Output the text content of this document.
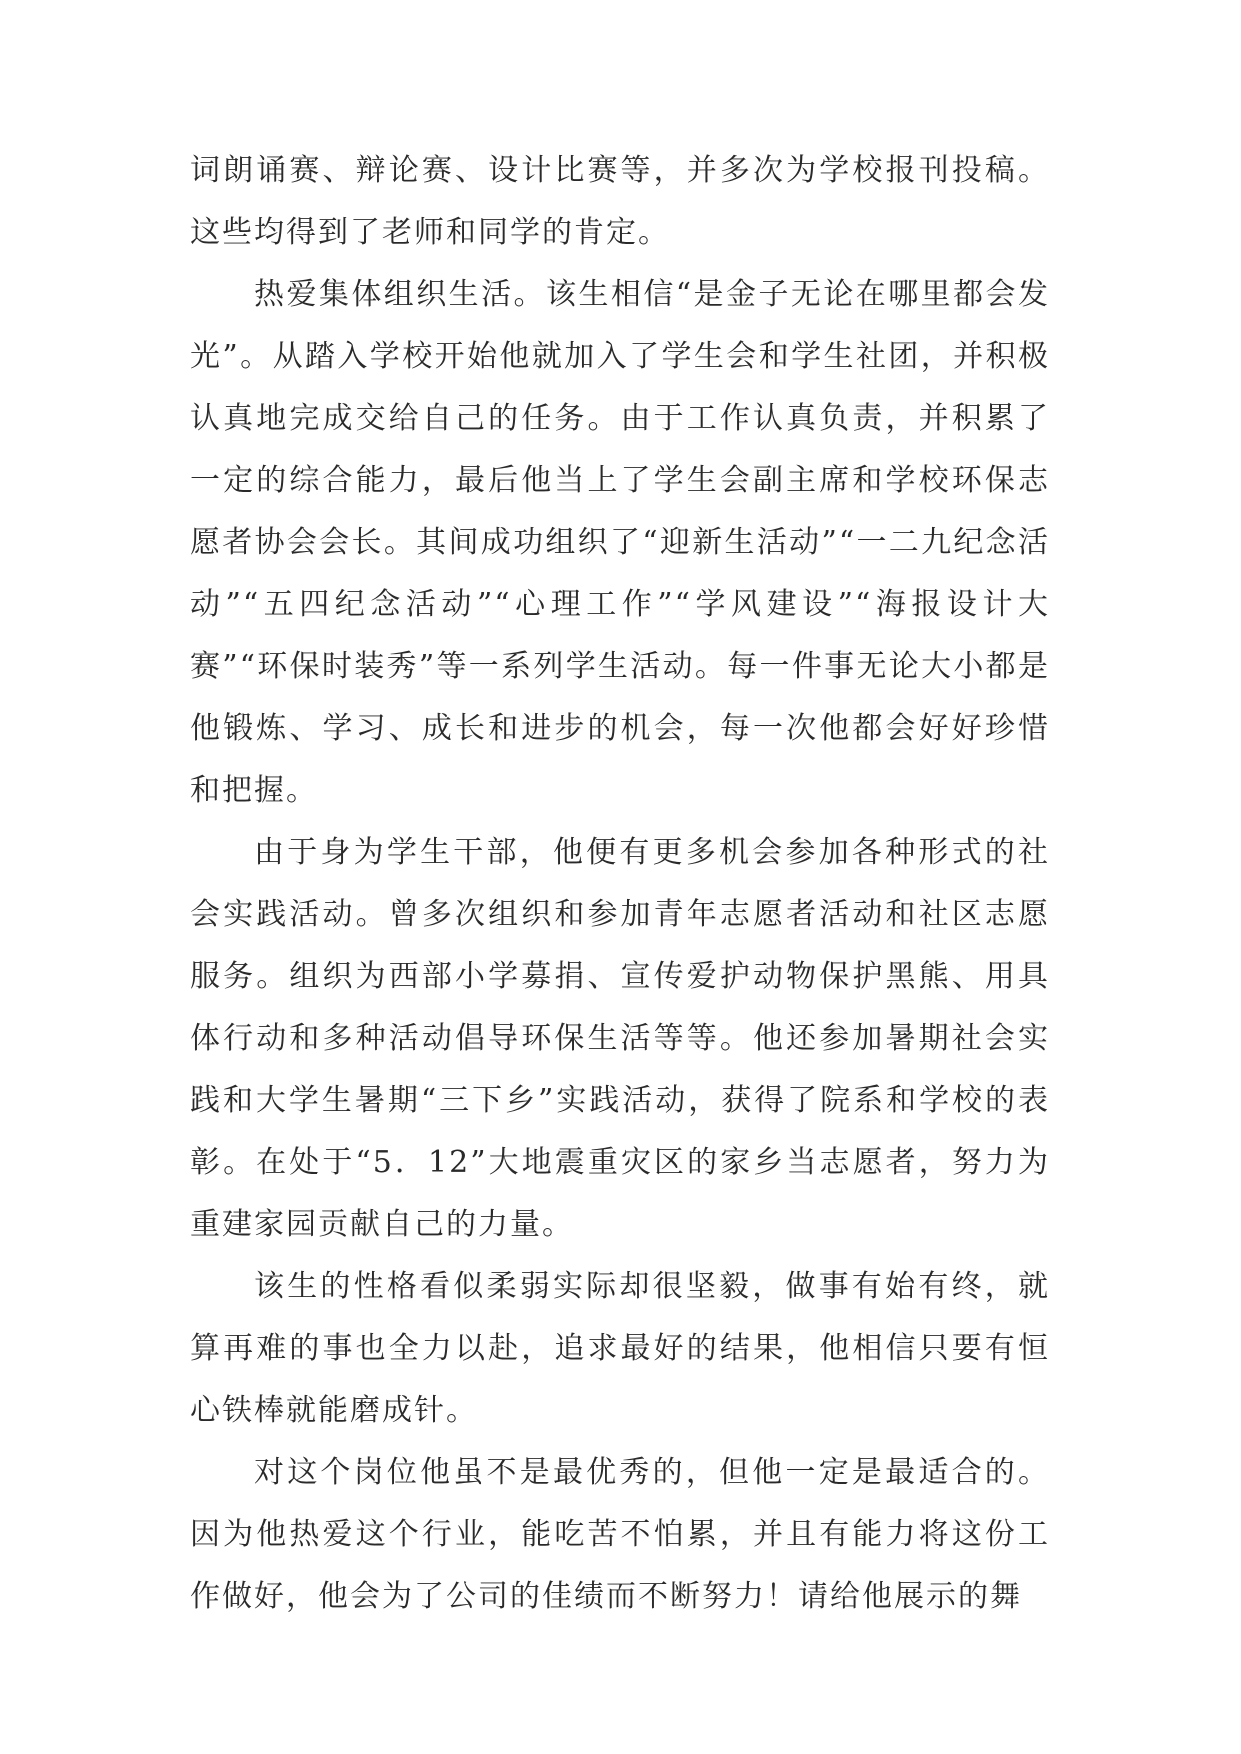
词朗诵赛、辩论赛、设计比赛等，并多次为学校报刊投稿。这些均得到了老师和同学的肯定。

热爱集体组织生活。该生相信“是金子无论在哪里都会发光”。从踏入学校开始他就加入了学生会和学生社团，并积极认真地完成交给自己的任务。由于工作认真负责，并积累了一定的综合能力，最后他当上了学生会副主席和学校环保志愿者协会会长。其间成功组织了“迎新生活动”“一二九纪念活动”“五四纪念活动”“心理工作”“学风建设”“海报设计大赛”“环保时装秀”等一系列学生活动。每一件事无论大小都是他锻炼、学习、成长和进步的机会，每一次他都会好好珍惜和把握。

由于身为学生干部，他便有更多机会参加各种形式的社会实践活动。曾多次组织和参加青年志愿者活动和社区志愿服务。组织为西部小学募捐、宣传爱护动物保护黑熊、用具体行动和多种活动倡导环保生活等等。他还参加暑期社会实践和大学生暑期“三下乡”实践活动，获得了院系和学校的表彰。在处于“5．12”大地震重灾区的家乡当志愿者，努力为重建家园贡献自己的力量。

该生的性格看似柔弱实际却很坚毅，做事有始有终，就算再难的事也全力以赴，追求最好的结果，他相信只要有恒心铁棒就能磨成针。

对这个岗位他虽不是最优秀的，但他一定是最适合的。因为他热爱这个行业，能吃苦不怕累，并且有能力将这份工作做好，他会为了公司的佳绩而不断努力！请给他展示的舞
